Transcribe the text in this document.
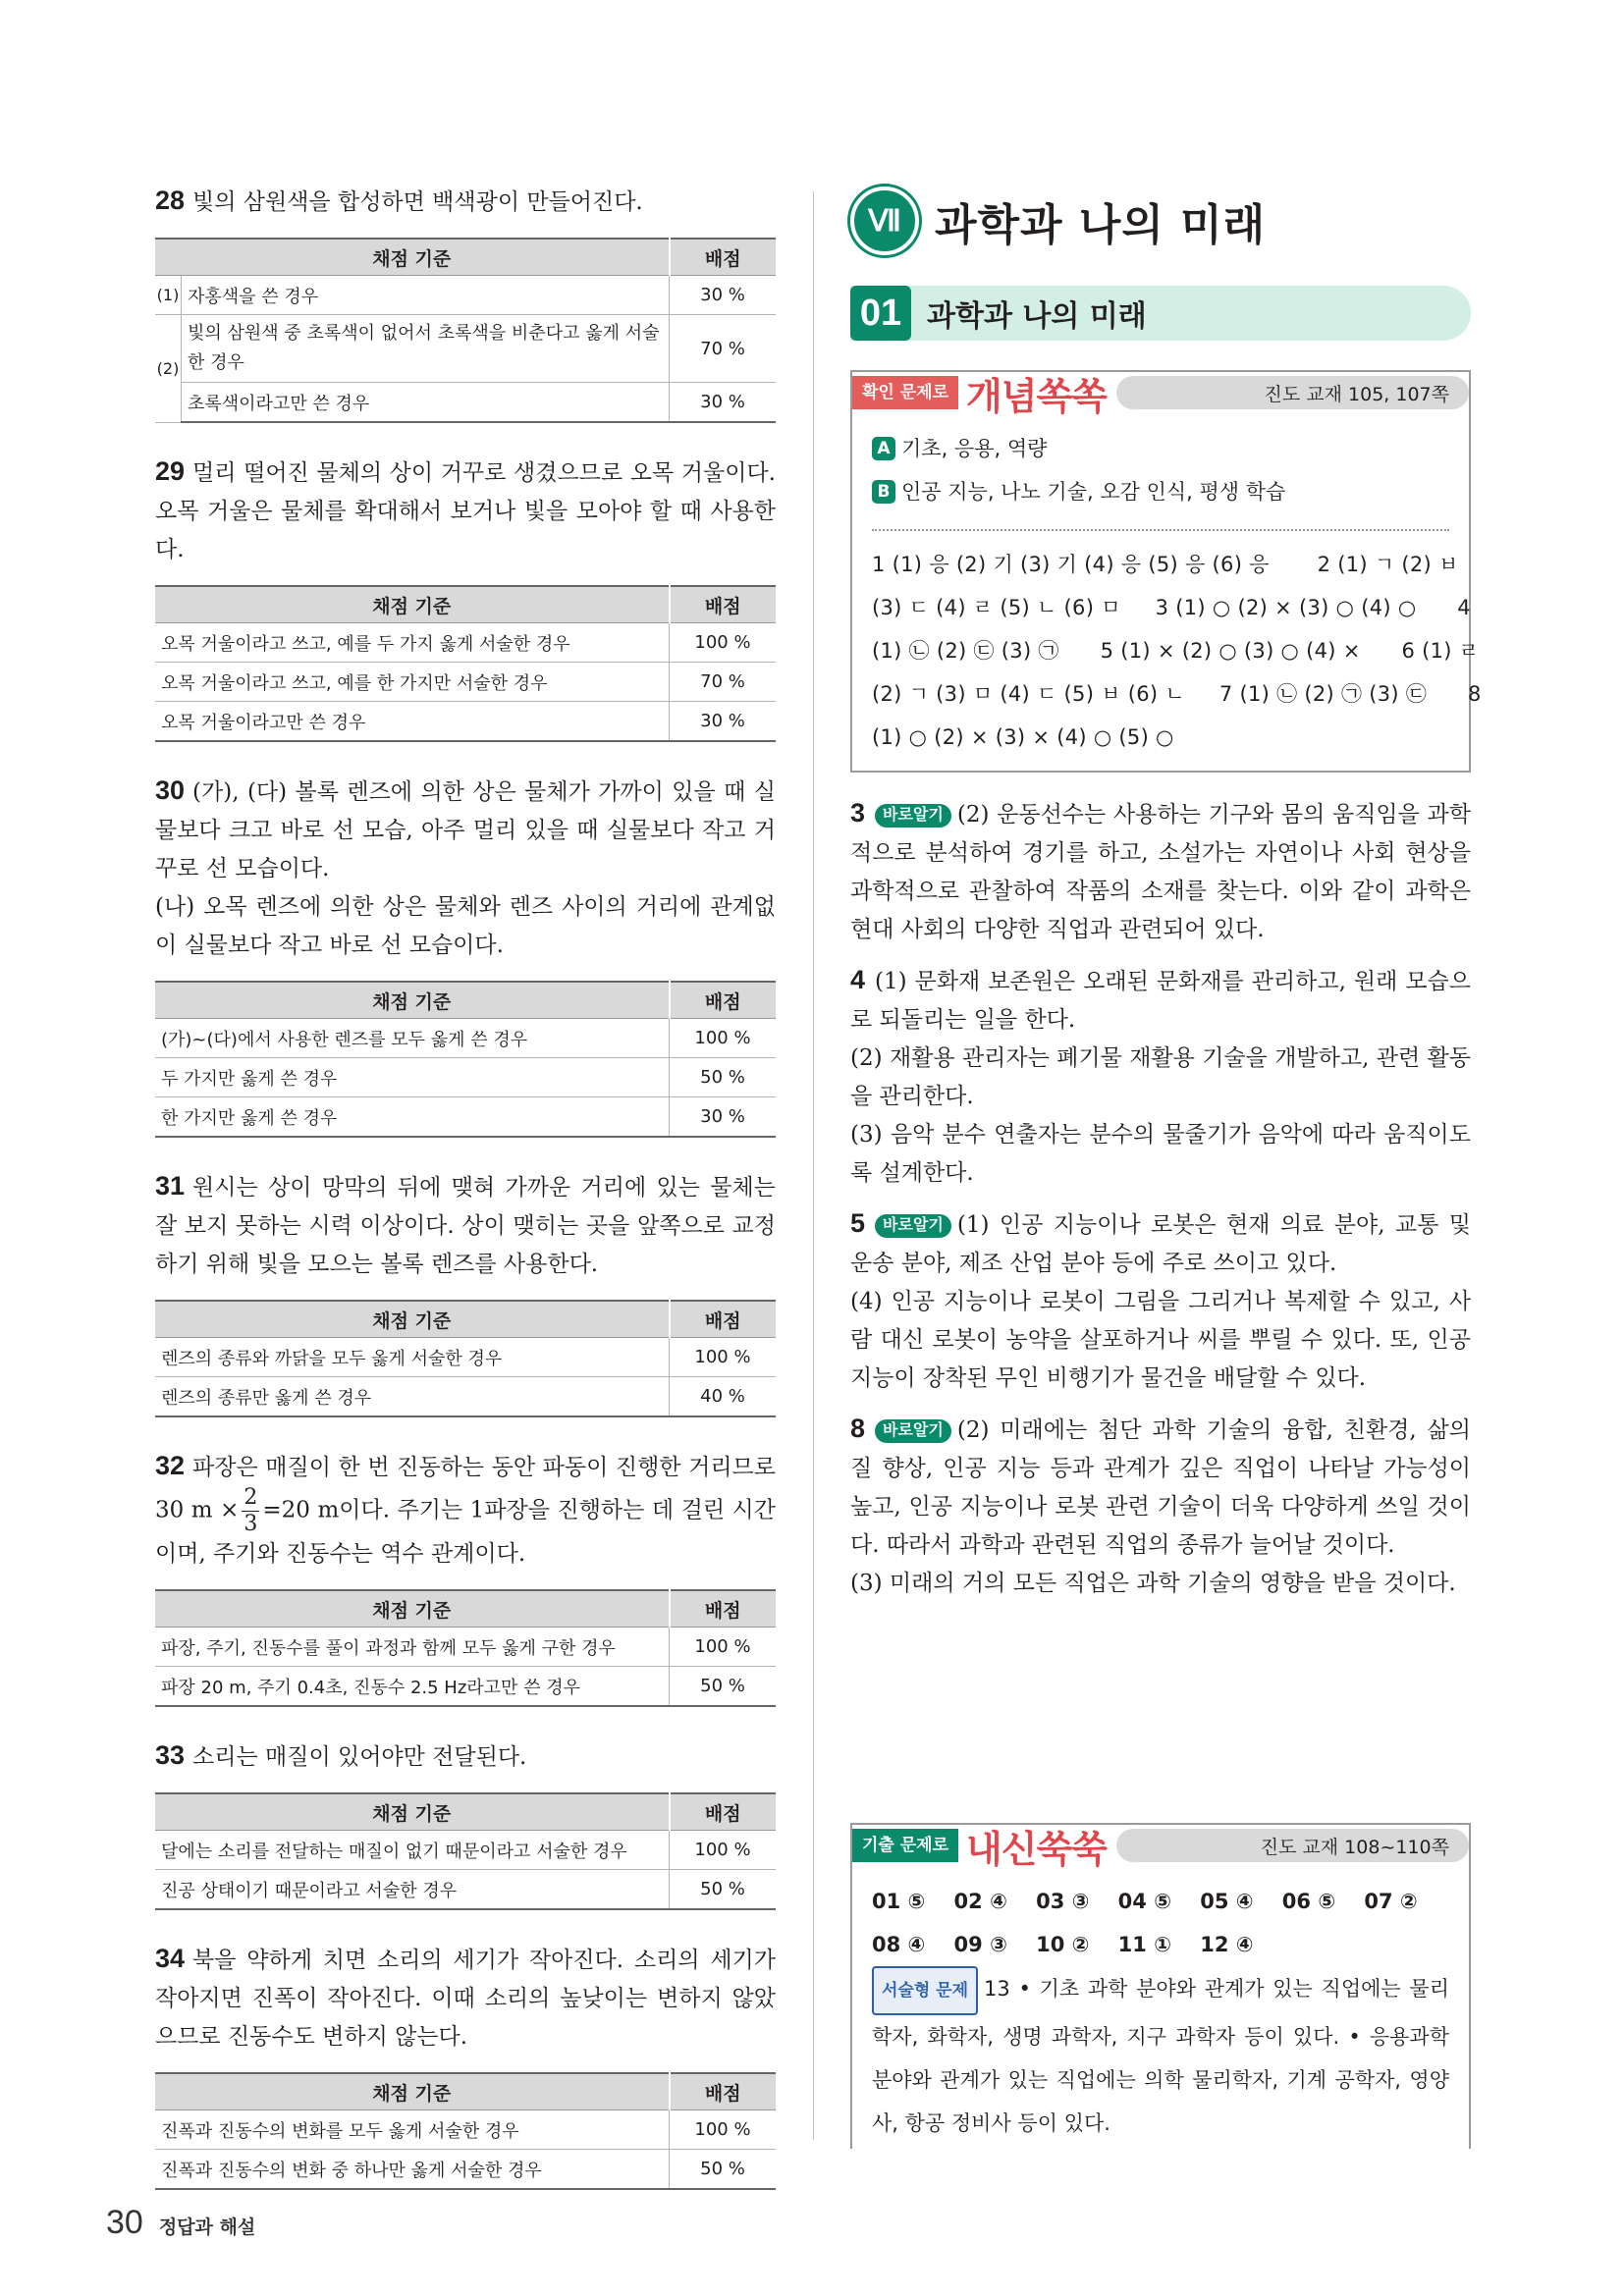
28 빛의 삼원색을 합성하면 백색광이 만들어진다.

채점 기준		배점
(1)	자홍색을 쓴 경우	30 %
(2)	빛의 삼원색 중 초록색이 없어서 초록색을 비춘다고 옳게 서술한 경우	70 %
	초록색이라고만 쓴 경우	30 %

29 멀리 떨어진 물체의 상이 거꾸로 생겼으므로 오목 거울이다. 오목 거울은 물체를 확대해서 보거나 빛을 모아야 할 때 사용한다.

채점 기준	배점
오목 거울이라고 쓰고, 예를 두 가지 옳게 서술한 경우	100 %
오목 거울이라고 쓰고, 예를 한 가지만 서술한 경우	70 %
오목 거울이라고만 쓴 경우	30 %

30 (가), (다) 볼록 렌즈에 의한 상은 물체가 가까이 있을 때 실물보다 크고 바로 선 모습, 아주 멀리 있을 때 실물보다 작고 거꾸로 선 모습이다.

(나) 오목 렌즈에 의한 상은 물체와 렌즈 사이의 거리에 관계없이 실물보다 작고 바로 선 모습이다.

채점 기준	배점
(가)~(다)에서 사용한 렌즈를 모두 옳게 쓴 경우	100 %
두 가지만 옳게 쓴 경우	50 %
한 가지만 옳게 쓴 경우	30 %

31 원시는 상이 망막의 뒤에 맺혀 가까운 거리에 있는 물체는 잘 보지 못하는 시력 이상이다. 상이 맺히는 곳을 앞쪽으로 교정하기 위해 빛을 모으는 볼록 렌즈를 사용한다.

채점 기준	배점
렌즈의 종류와 까닭을 모두 옳게 서술한 경우	100 %
렌즈의 종류만 옳게 쓴 경우	40 %

32 파장은 매질이 한 번 진동하는 동안 파동이 진행한 거리므로 30 $m \times \frac{2}{3} =20$ m이다. 주기는 1파장을 진행하는 데 걸린 시간이며, 주기와 진동수는 역수 관계이다.

채점 기준	배점
파장, 주기, 진동수를 풀이 과정과 함께 모두 옳게 구한 경우	100 %
파장 20 m, 주기 0.4초, 진동수 2.5 Hz라고만 쓴 경우	50 %

33 소리는 매질이 있어야만 전달된다.

채점 기준	배점
달에는 소리를 전달하는 매질이 없기 때문이라고 서술한 경우	100 %
진공 상태이기 때문이라고 서술한 경우	50 %

34 북을 약하게 치면 소리의 세기가 작아진다. 소리의 세기가 작아지면 진폭이 작아진다. 이때 소리의 높낮이는 변하지 않았으므로 진동수도 변하지 않는다.

채점 기준	배점
진폭과 진동수의 변화를 모두 옳게 서술한 경우	100 %
진폭과 진동수의 변화 중 하나만 옳게 서술한 경우	50 %
Ⅶ 과학과 나의 미래
01 과학과 나의 미래
확인 문제로 개념쏙쏙	진도 교재 105, 107쪽
A 기초, 응용, 역량
B 인공 지능, 나노 기술, 오감 인식, 평생 학습
1 (1) 응 (2) 기 (3) 기 (4) 응 (5) 응 (6) 응       2 (1) ㄱ (2) ㅂ
(3) ㄷ (4) ㄹ (5) ㄴ (6) ㅁ     3 (1) ○ (2) × (3) ○ (4) ○      4
(1) ㉡ (2) ㉢ (3) ㉠      5 (1) × (2) ○ (3) ○ (4) ×      6 (1) ㄹ
(2) ㄱ (3) ㅁ (4) ㄷ (5) ㅂ (6) ㄴ     7 (1) ㉡ (2) ㉠ (3) ㉢      8
(1) ○ (2) × (3) × (4) ○ (5) ○

3 바로알기 (2) 운동선수는 사용하는 기구와 몸의 움직임을 과학적으로 분석하여 경기를 하고, 소설가는 자연이나 사회 현상을 과학적으로 관찰하여 작품의 소재를 찾는다. 이와 같이 과학은 현대 사회의 다양한 직업과 관련되어 있다.

4 (1) 문화재 보존원은 오래된 문화재를 관리하고, 원래 모습으로 되돌리는 일을 한다.

(2) 재활용 관리자는 폐기물 재활용 기술을 개발하고, 관련 활동을 관리한다.

(3) 음악 분수 연출자는 분수의 물줄기가 음악에 따라 움직이도록 설계한다.

5 바로알기 (1) 인공 지능이나 로봇은 현재 의료 분야, 교통 및 운송 분야, 제조 산업 분야 등에 주로 쓰이고 있다.

(4) 인공 지능이나 로봇이 그림을 그리거나 복제할 수 있고, 사람 대신 로봇이 농약을 살포하거나 씨를 뿌릴 수 있다. 또, 인공 지능이 장착된 무인 비행기가 물건을 배달할 수 있다.

8 바로알기 (2) 미래에는 첨단 과학 기술의 융합, 친환경, 삶의 질 향상, 인공 지능 등과 관계가 깊은 직업이 나타날 가능성이 높고, 인공 지능이나 로봇 관련 기술이 더욱 다양하게 쓰일 것이다. 따라서 과학과 관련된 직업의 종류가 늘어날 것이다.

(3) 미래의 거의 모든 직업은 과학 기술의 영향을 받을 것이다.

기출 문제로 내신쑥쑥	진도 교재 108~110쪽
01 ⑤    02 ④    03 ③    04 ⑤    05 ④    06 ⑤    07 ②
08 ④    09 ③    10 ②    11 ①    12 ④

서술형 문제 13 • 기초 과학 분야와 관계가 있는 직업에는 물리학자, 화학자, 생명 과학자, 지구 과학자 등이 있다. • 응용과학 분야와 관계가 있는 직업에는 의학 물리학자, 기계 공학자, 영양사, 항공 정비사 등이 있다.

30 정답과 해설
